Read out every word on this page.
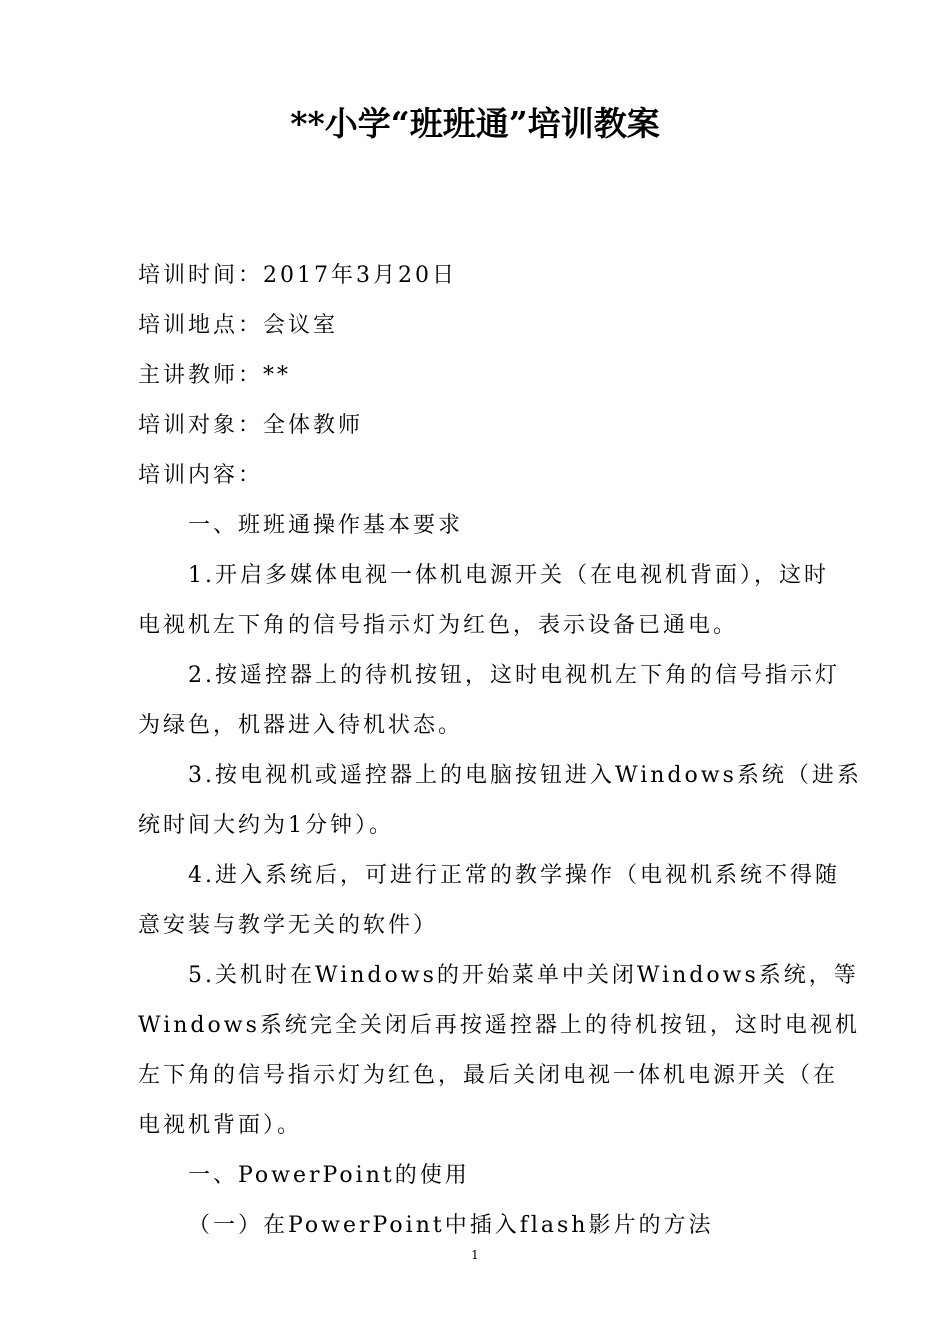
**小学“班班通”培训教案
培训时间：2017年3月20日
培训地点：会议室
主讲教师：**
培训对象：全体教师
培训内容：
一、班班通操作基本要求
1.开启多媒体电视一体机电源开关（在电视机背面），这时
电视机左下角的信号指示灯为红色，表示设备已通电。
2.按遥控器上的待机按钮，这时电视机左下角的信号指示灯
为绿色，机器进入待机状态。
3.按电视机或遥控器上的电脑按钮进入Windows系统（进系
统时间大约为1分钟）。
4.进入系统后，可进行正常的教学操作（电视机系统不得随
意安装与教学无关的软件）
5.关机时在Windows的开始菜单中关闭Windows系统，等
Windows系统完全关闭后再按遥控器上的待机按钮，这时电视机
左下角的信号指示灯为红色，最后关闭电视一体机电源开关（在
电视机背面）。
一、PowerPoint的使用
（一）在PowerPoint中插入flash影片的方法
1
